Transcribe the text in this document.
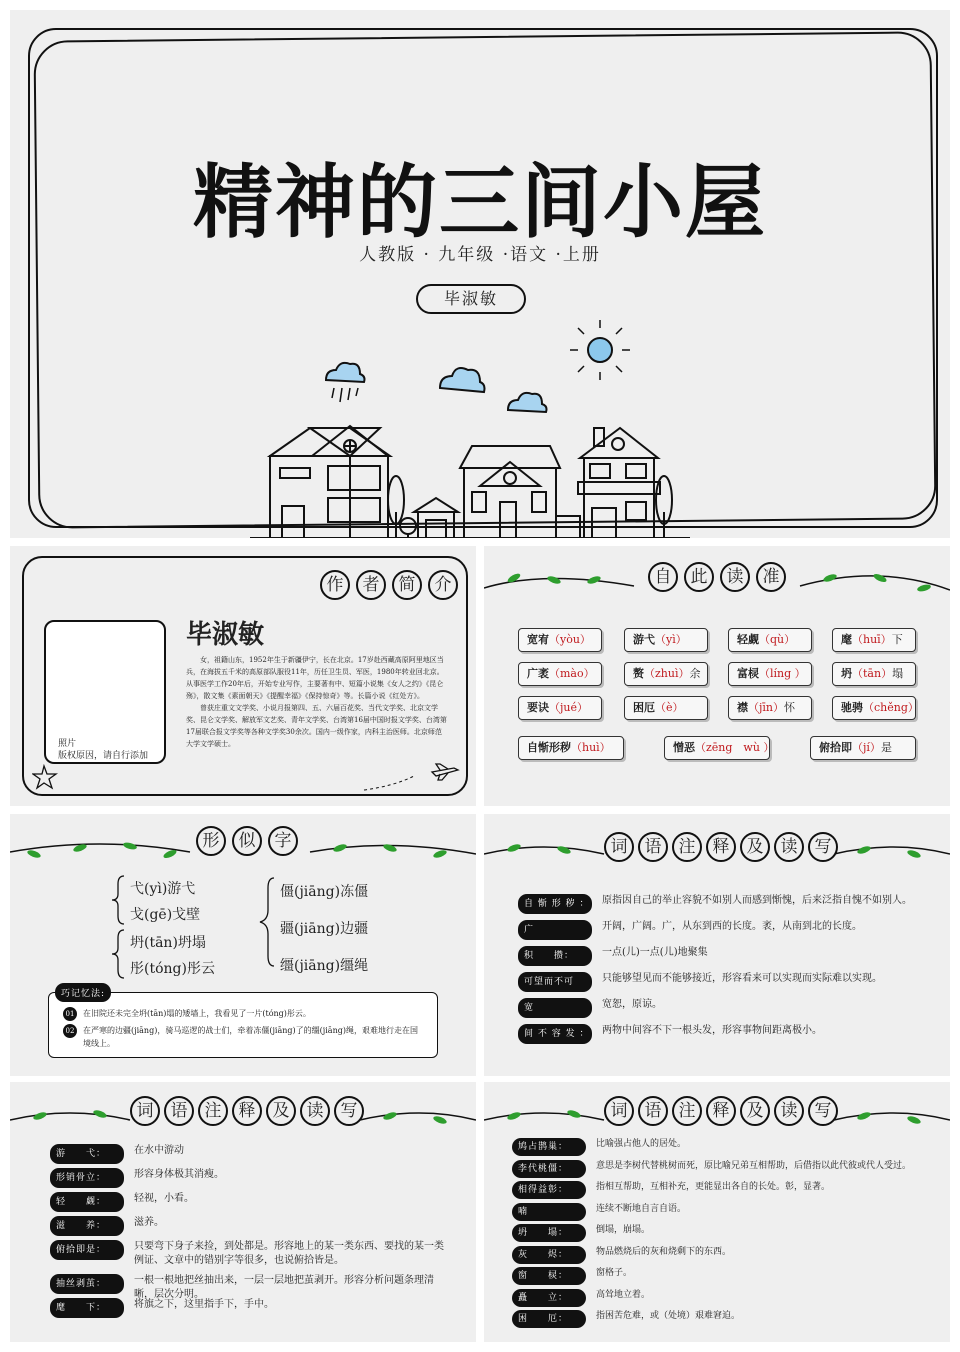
精神的三间小屋
人教版 · 九年级 ·语文 ·上册
毕淑敏
作	者	简	介
照片
版权原因，请自行添加
毕淑敏

女，祖籍山东，1952年生于新疆伊宁，长在北京。17岁赴西藏高原阿里地区当兵，在海拔五千米的高原部队服役11年，历任卫生员、军医，1980年转业回北京。从事医学工作20年后，开始专业写作，主要著有中、短篇小说集《女人之约》《昆仑殇》，散文集《素面朝天》《提醒幸福》《保持惊奇》等。长篇小说《红处方》。

曾获庄重文文学奖、小说月报第四、五、六届百花奖、当代文学奖、北京文学奖、昆仑文学奖、解放军文艺奖、青年文学奖、台湾第16届中国时报文学奖、台湾第17届联合报文学奖等各种文学奖30余次。国内一级作家，内科主治医师。北京师范大学文学硕士。

自	此	读	准
宽宥（yòu）	游弋（yì）	轻觑（qù）	麾（huī）下
广袤（mào）	赘（zhuì）余	富棂（líng ）	坍（tān）塌
要诀（jué）	困厄（è）	襟（jīn）怀	驰骋（chěng）
自惭形秽（huì）	憎恶（zēng　wù ）	俯拾即（jí）是
形	似	字
弋(yì)游弋
戈(gē)戈壁
坍(tān)坍塌
彤(tóng)彤云
僵(jiāng)冻僵
疆(jiāng)边疆
缰(jiāng)缰绳
巧记忆法:
01	在旧院还未完全坍(tān)塌的矮墙上，我看见了一片(tóng)彤云。
02	在严寒的边疆(jiāng)，骑马巡逻的战士们，牵着冻僵(jiāng)了的缰(jiāng)绳，艰难地行走在国境线上。
词	语	注	释	及	读	写
自 惭 形 秽 ： 原指因自己的举止容貌不如别人而感到惭愧，后来泛指自愧不如别人。
广	开阔，广阔。广，从东到西的长度。袤，从南到北的长度。
积　　攒：	一点(儿)一点(儿)地聚集
可望而不可	只能够望见而不能够接近，形容看来可以实现而实际难以实现。
宽	宽恕，原谅。
间 不 容 发 ： 两物中间容不下一根头发，形容事物间距离极小。
词	语	注	释	及	读	写
游　　弋：	在水中游动
形销骨立：	形容身体极其消瘦。
轻　　觑：	轻视，小看。
滋　　养：	滋养。
俯拾即是：	只要弯下身子来捡，到处都是。形容地上的某一类东西、要找的某一类例证、文章中的错别字等很多，也说俯拾皆是。
抽丝剥茧：	一根一根地把丝抽出来，一层一层地把茧剥开。形容分析问题条理清晰，层次分明。
麾　　下：	将旗之下，这里指手下，手中。
词	语	注	释	及	读	写
鸠占鹊巢：	比喻强占他人的居处。
李代桃僵：	意思是李树代替桃树而死，原比喻兄弟互相帮助，后借指以此代彼或代人受过。
相得益彰：	指相互帮助，互相补充，更能显出各自的长处。彰，显著。
喃	连续不断地自言自语。
坍　　塌：	倒塌，崩塌。
灰　　烬：	物品燃烧后的灰和烧剩下的东西。
窗　　棂：	窗格子。
矗　　立：	高耸地立着。
困　　厄：	指困苦危难，或（处境）艰难窘迫。
